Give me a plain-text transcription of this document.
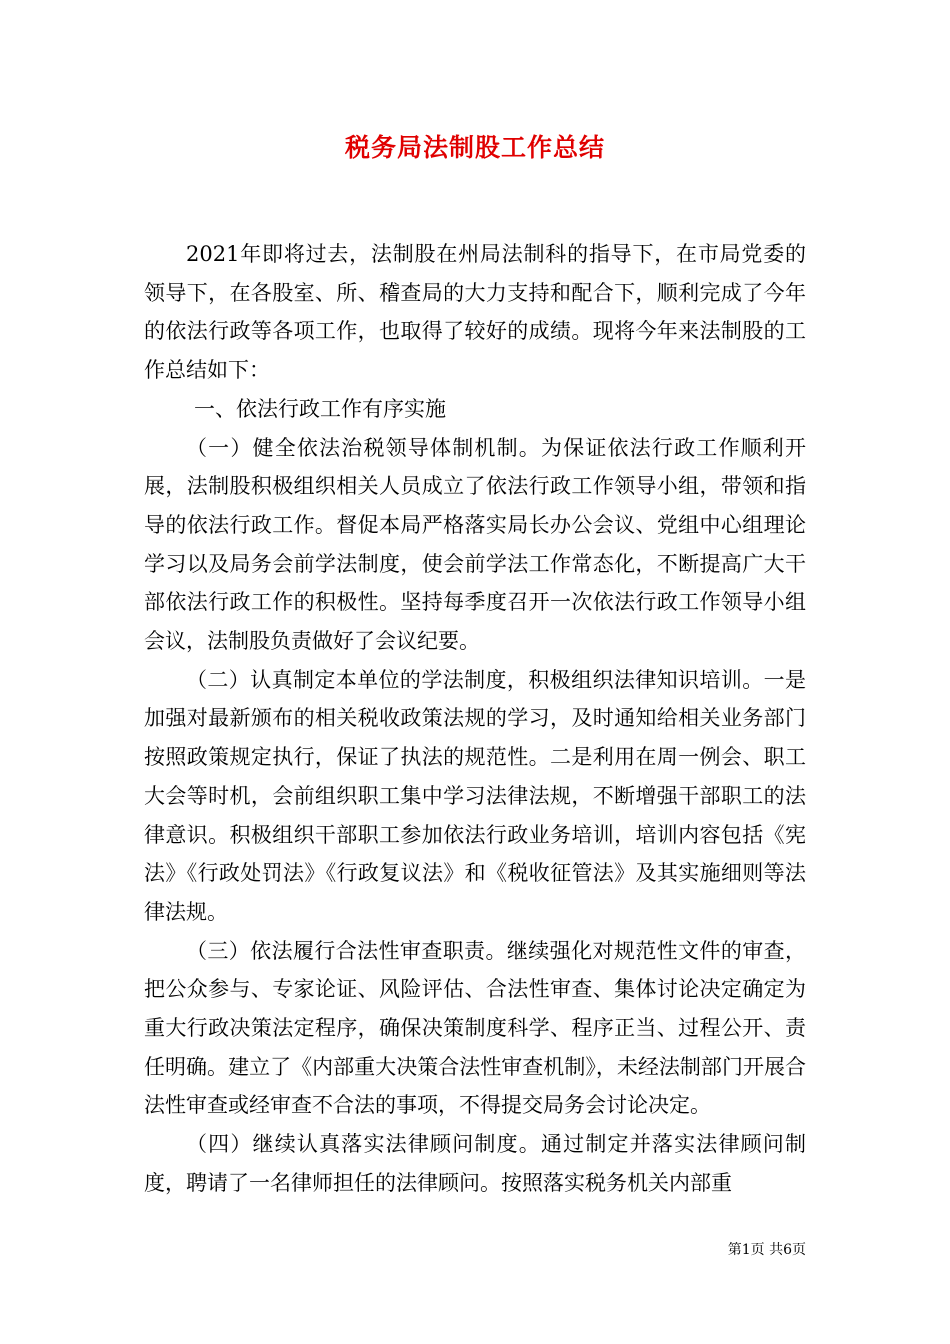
税务局法制股工作总结

2021年即将过去，法制股在州局法制科的指导下，在市局党委的领导下，在各股室、所、稽查局的大力支持和配合下，顺利完成了今年的依法行政等各项工作，也取得了较好的成绩。现将今年来法制股的工作总结如下：

一、依法行政工作有序实施

（一）健全依法治税领导体制机制。为保证依法行政工作顺利开展，法制股积极组织相关人员成立了依法行政工作领导小组，带领和指导的依法行政工作。督促本局严格落实局长办公会议、党组中心组理论学习以及局务会前学法制度，使会前学法工作常态化，不断提高广大干部依法行政工作的积极性。坚持每季度召开一次依法行政工作领导小组会议，法制股负责做好了会议纪要。

（二）认真制定本单位的学法制度，积极组织法律知识培训。一是加强对最新颁布的相关税收政策法规的学习，及时通知给相关业务部门按照政策规定执行，保证了执法的规范性。二是利用在周一例会、职工大会等时机，会前组织职工集中学习法律法规，不断增强干部职工的法律意识。积极组织干部职工参加依法行政业务培训，培训内容包括《宪法》《行政处罚法》《行政复议法》和《税收征管法》及其实施细则等法律法规。

（三）依法履行合法性审查职责。继续强化对规范性文件的审查，把公众参与、专家论证、风险评估、合法性审查、集体讨论决定确定为重大行政决策法定程序，确保决策制度科学、程序正当、过程公开、责任明确。建立了《内部重大决策合法性审查机制》，未经法制部门开展合法性审查或经审查不合法的事项，不得提交局务会讨论决定。

（四）继续认真落实法律顾问制度。通过制定并落实法律顾问制度，聘请了一名律师担任的法律顾问。按照落实税务机关内部重

第1页 共6页
